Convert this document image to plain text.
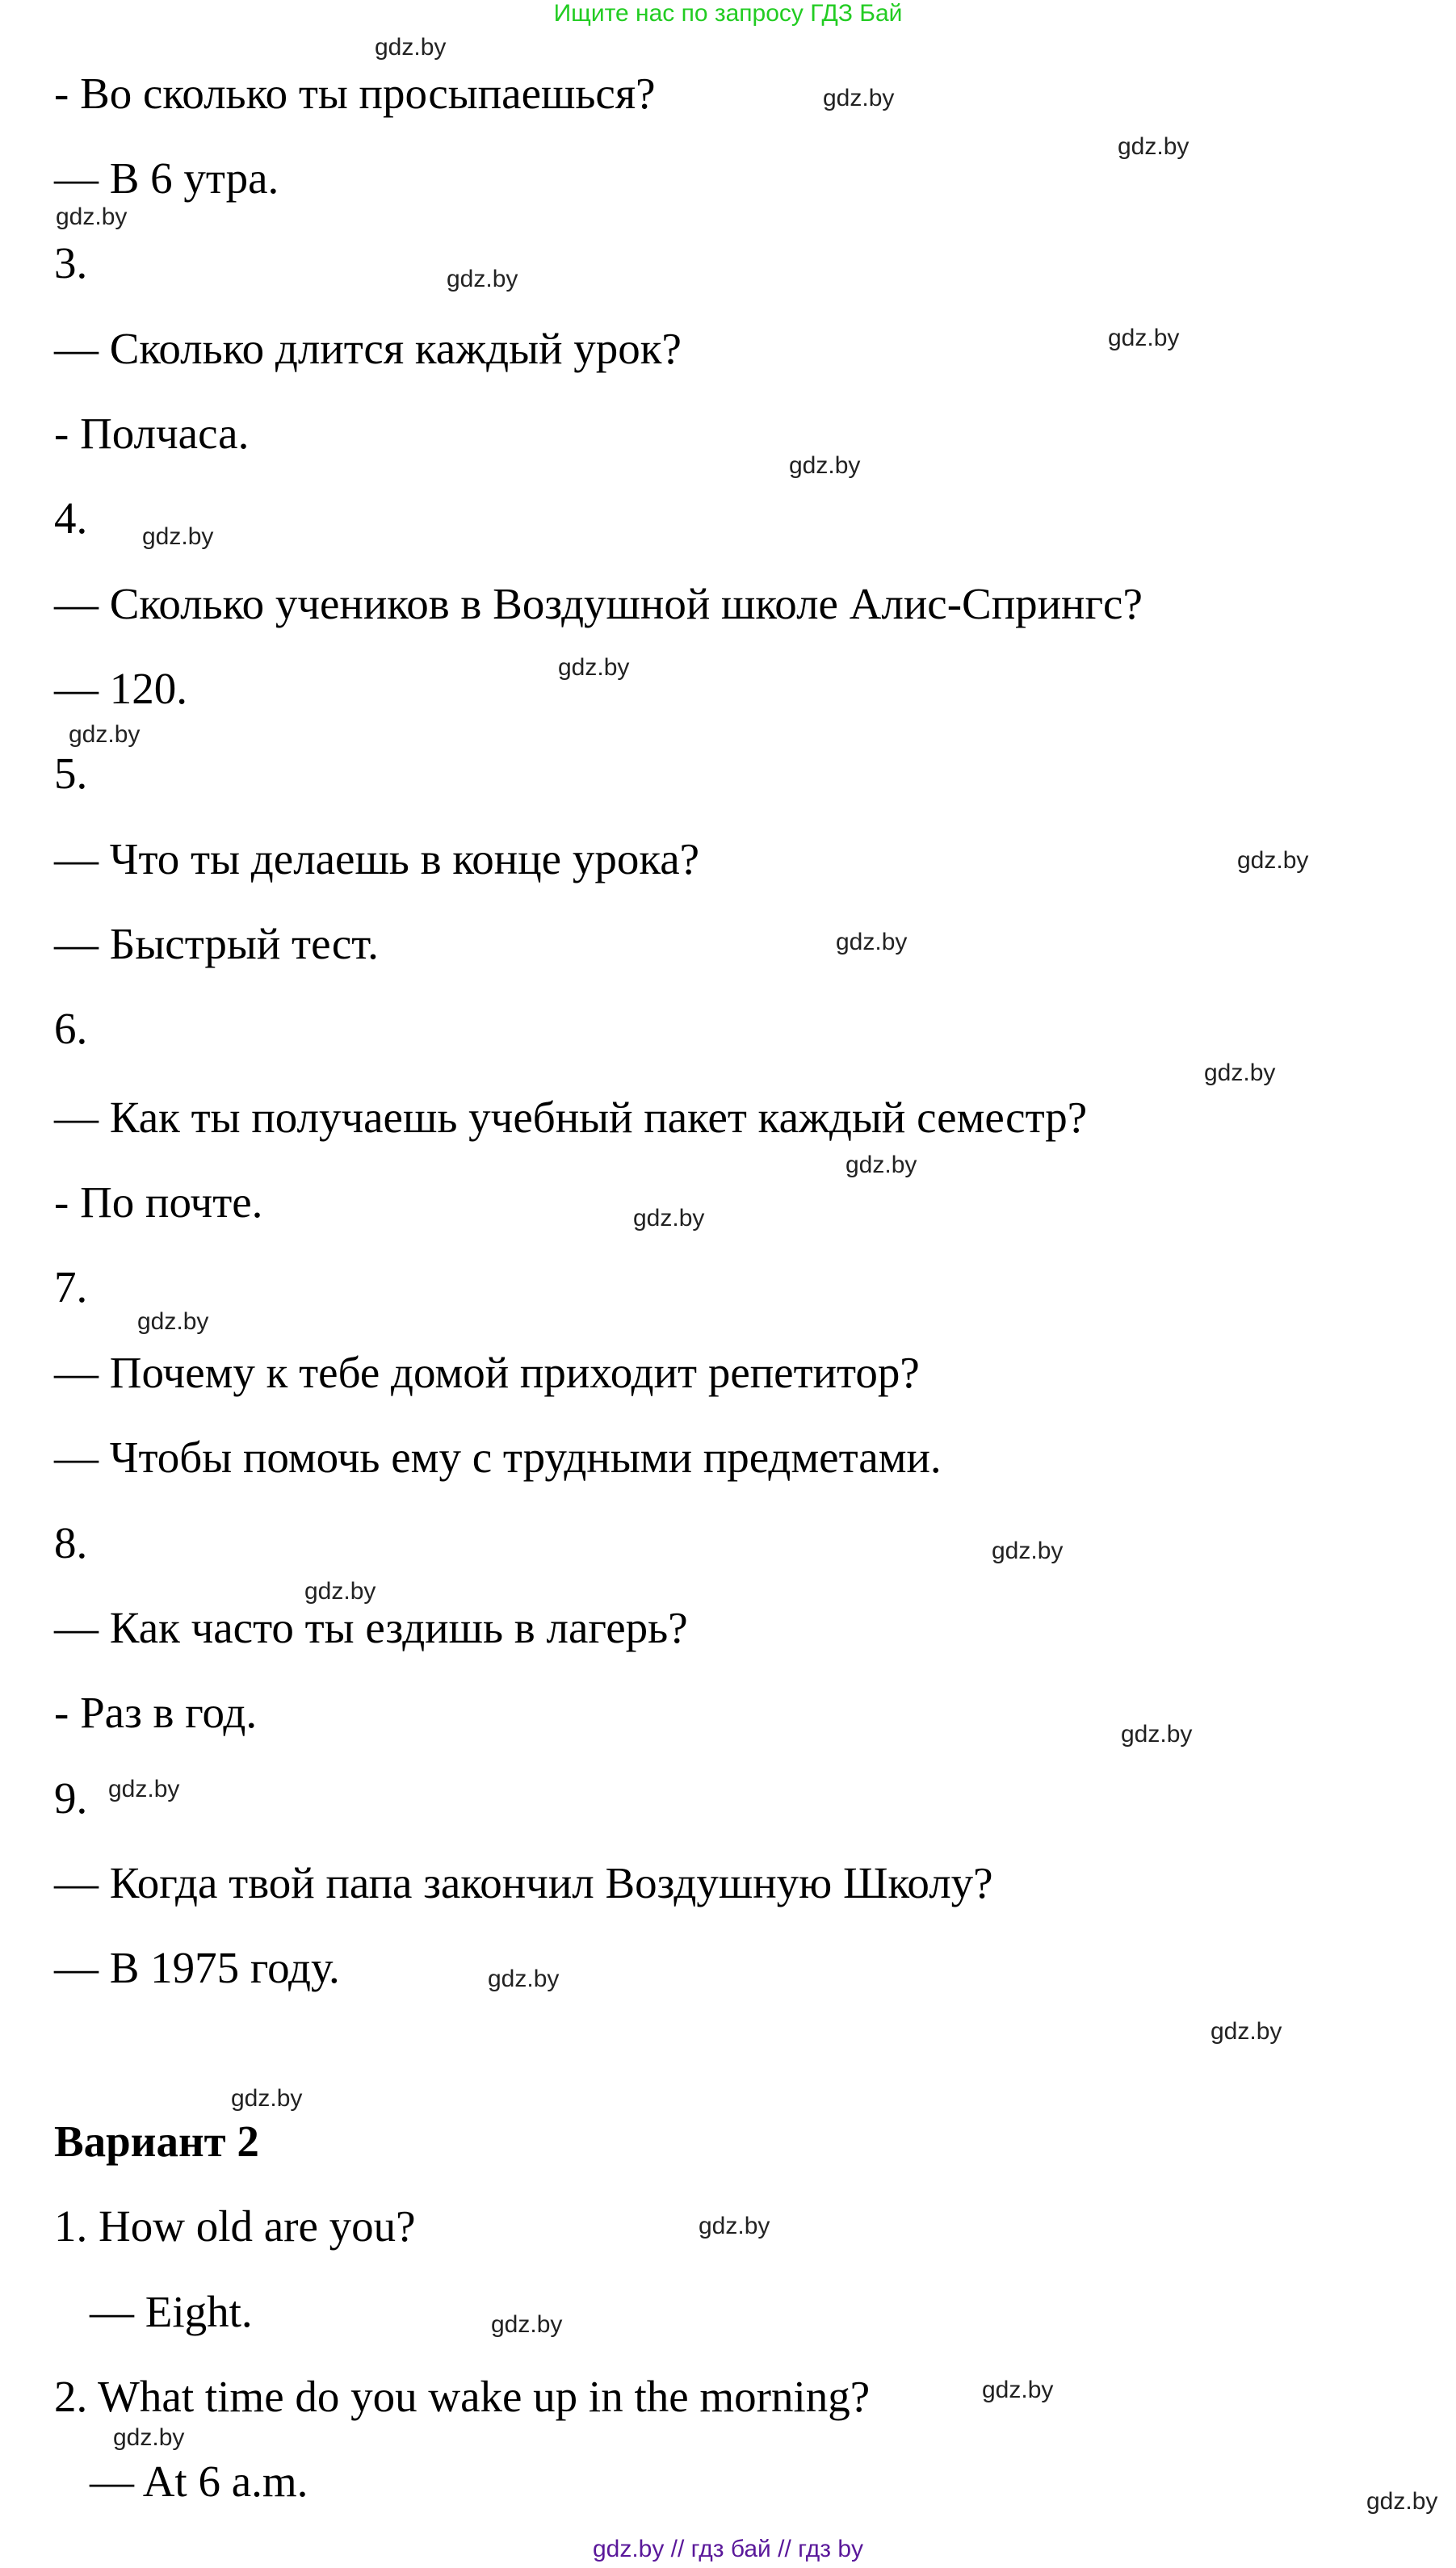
Ищите нас по запросу ГДЗ Бай
- Во сколько ты просыпаешься?
— В 6 утра.
3.
— Сколько длится каждый урок?
- Полчаса.
4.
— Сколько учеников в Воздушной школе Алис-Спрингс?
— 120.
5.
— Что ты делаешь в конце урока?
— Быстрый тест.
6.
— Как ты получаешь учебный пакет каждый семестр?
- По почте.
7.
— Почему к тебе домой приходит репетитор?
— Чтобы помочь ему с трудными предметами.
8.
— Как часто ты ездишь в лагерь?
- Раз в год.
9.
— Когда твой папа закончил Воздушную Школу?
— В 1975 году.
Вариант 2
1. How old are you?
— Eight.
2. What time do you wake up in the morning?
— At 6 a.m.
gdz.by
gdz.by
gdz.by
gdz.by
gdz.by
gdz.by
gdz.by
gdz.by
gdz.by
gdz.by
gdz.by
gdz.by
gdz.by
gdz.by
gdz.by
gdz.by
gdz.by
gdz.by
gdz.by
gdz.by
gdz.by
gdz.by
gdz.by
gdz.by
gdz.by
gdz.by
gdz.by
gdz.by
gdz.by // гдз бай // гдз by
